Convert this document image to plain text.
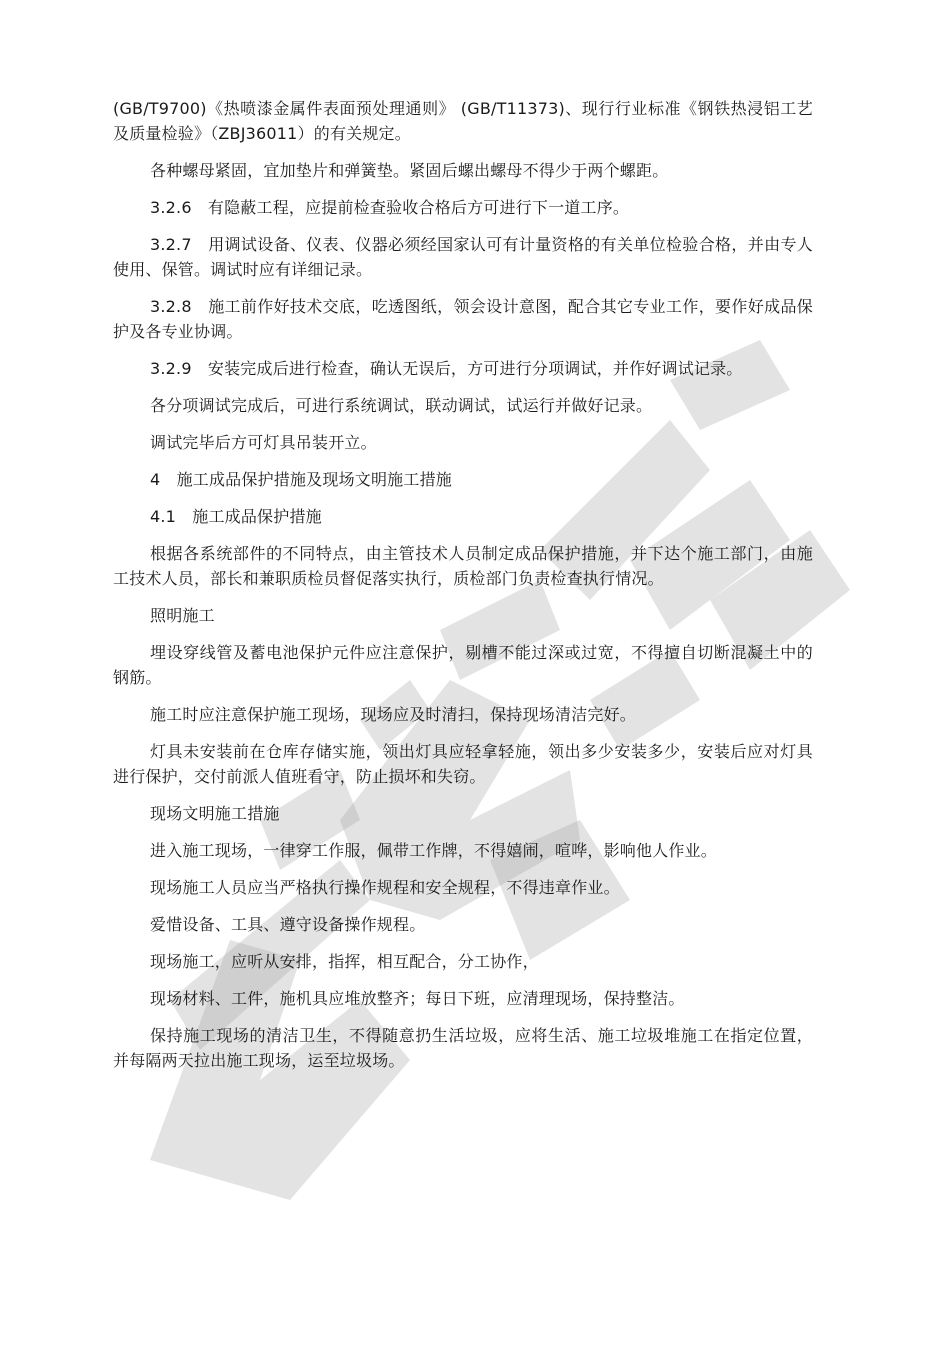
(GB/T9700)《热喷漆金属件表面预处理通则》 (GB/T11373)、现行行业标准《钢铁热浸铝工艺及质量检验》（ZBJ36011）的有关规定。

各种螺母紧固，宜加垫片和弹簧垫。紧固后螺出螺母不得少于两个螺距。

3.2.6　有隐蔽工程，应提前检查验收合格后方可进行下一道工序。

3.2.7　用调试设备、仪表、仪器必须经国家认可有计量资格的有关单位检验合格，并由专人使用、保管。调试时应有详细记录。

3.2.8　施工前作好技术交底，吃透图纸，领会设计意图，配合其它专业工作，要作好成品保护及各专业协调。

3.2.9　安装完成后进行检查，确认无误后，方可进行分项调试，并作好调试记录。

各分项调试完成后，可进行系统调试，联动调试，试运行并做好记录。

调试完毕后方可灯具吊装开立。

4　施工成品保护措施及现场文明施工措施

4.1　施工成品保护措施

根据各系统部件的不同特点，由主管技术人员制定成品保护措施，并下达个施工部门，由施工技术人员，部长和兼职质检员督促落实执行，质检部门负责检查执行情况。

照明施工

埋设穿线管及蓄电池保护元件应注意保护，剔槽不能过深或过宽，不得擅自切断混凝土中的钢筋。

施工时应注意保护施工现场，现场应及时清扫，保持现场清洁完好。

灯具未安装前在仓库存储实施，领出灯具应轻拿轻施，领出多少安装多少，安装后应对灯具进行保护，交付前派人值班看守，防止损坏和失窃。

现场文明施工措施

进入施工现场，一律穿工作服，佩带工作牌，不得嬉闹，喧哗，影响他人作业。

现场施工人员应当严格执行操作规程和安全规程，不得违章作业。

爱惜设备、工具、遵守设备操作规程。

现场施工，应听从安排，指挥，相互配合，分工协作，

现场材料、工件，施机具应堆放整齐；每日下班，应清理现场，保持整洁。

保持施工现场的清洁卫生，不得随意扔生活垃圾，应将生活、施工垃圾堆施工在指定位置，并每隔两天拉出施工现场，运至垃圾场。
